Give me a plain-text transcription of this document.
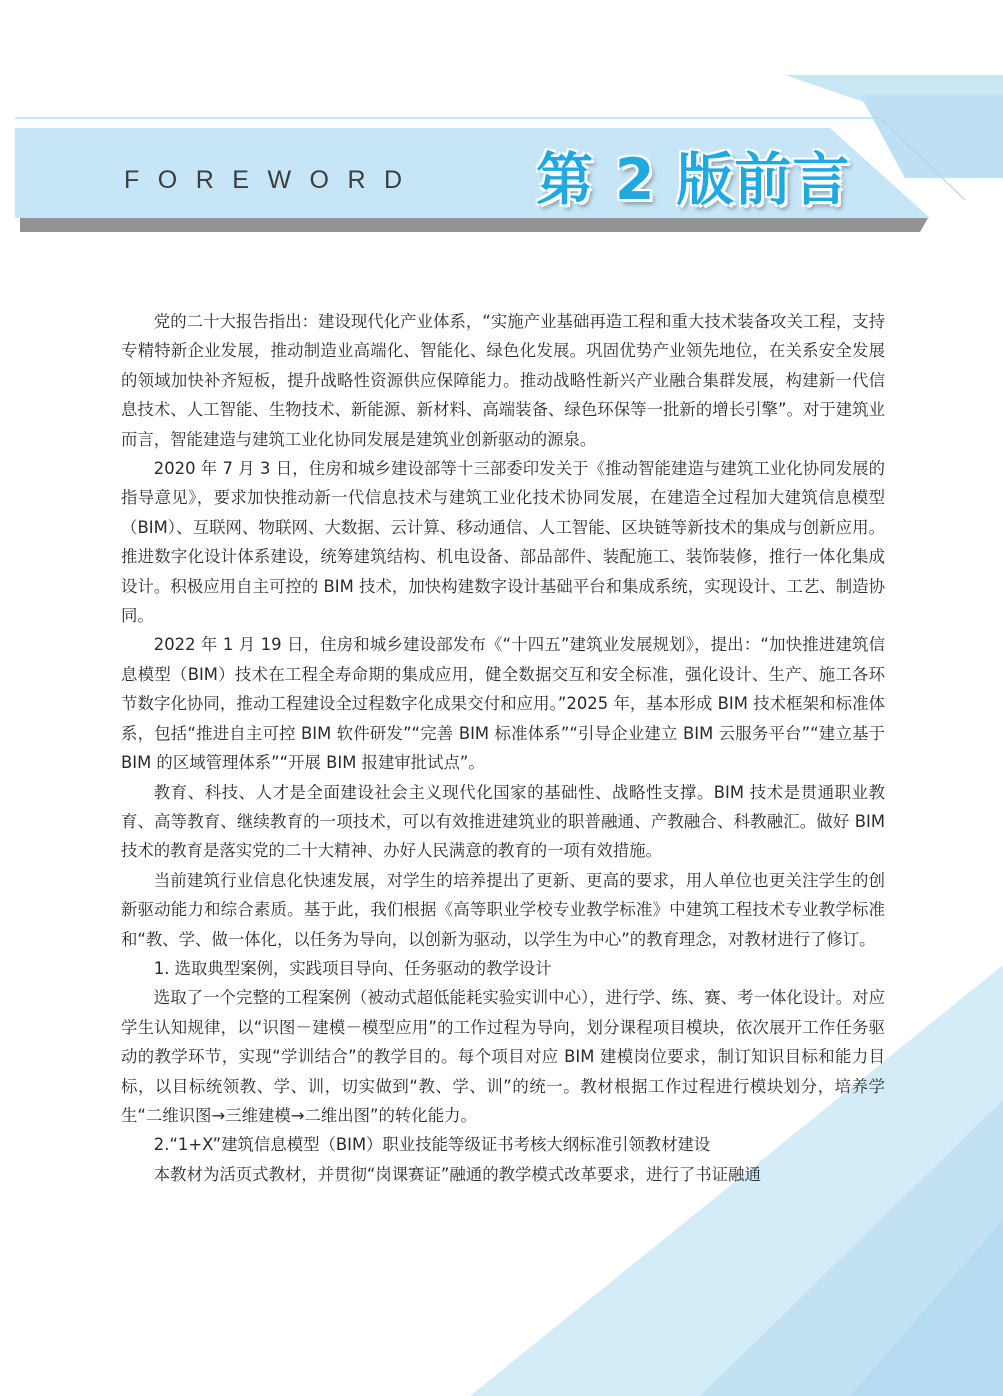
FOREWORD 第 2 版前言

党的二十大报告指出：建设现代化产业体系，“实施产业基础再造工程和重大技术装备攻关工程，支持专精特新企业发展，推动制造业高端化、智能化、绿色化发展。巩固优势产业领先地位，在关系安全发展的领域加快补齐短板，提升战略性资源供应保障能力。推动战略性新兴产业融合集群发展，构建新一代信息技术、人工智能、生物技术、新能源、新材料、高端装备、绿色环保等一批新的增长引擎”。对于建筑业而言，智能建造与建筑工业化协同发展是建筑业创新驱动的源泉。

2020 年 7 月 3 日，住房和城乡建设部等十三部委印发关于《推动智能建造与建筑工业化协同发展的指导意见》，要求加快推动新一代信息技术与建筑工业化技术协同发展，在建造全过程加大建筑信息模型（BIM）、互联网、物联网、大数据、云计算、移动通信、人工智能、区块链等新技术的集成与创新应用。推进数字化设计体系建设，统筹建筑结构、机电设备、部品部件、装配施工、装饰装修，推行一体化集成设计。积极应用自主可控的 BIM 技术，加快构建数字设计基础平台和集成系统，实现设计、工艺、制造协同。

2022 年 1 月 19 日，住房和城乡建设部发布《“十四五”建筑业发展规划》，提出：“加快推进建筑信息模型（BIM）技术在工程全寿命期的集成应用，健全数据交互和安全标准，强化设计、生产、施工各环节数字化协同，推动工程建设全过程数字化成果交付和应用。”2025 年，基本形成 BIM 技术框架和标准体系，包括“推进自主可控 BIM 软件研发”“完善 BIM 标准体系”“引导企业建立 BIM 云服务平台”“建立基于 BIM 的区域管理体系”“开展 BIM 报建审批试点”。

教育、科技、人才是全面建设社会主义现代化国家的基础性、战略性支撑。BIM 技术是贯通职业教育、高等教育、继续教育的一项技术，可以有效推进建筑业的职普融通、产教融合、科教融汇。做好 BIM 技术的教育是落实党的二十大精神、办好人民满意的教育的一项有效措施。

当前建筑行业信息化快速发展，对学生的培养提出了更新、更高的要求，用人单位也更关注学生的创新驱动能力和综合素质。基于此，我们根据《高等职业学校专业教学标准》中建筑工程技术专业教学标准和“教、学、做一体化，以任务为导向，以创新为驱动，以学生为中心”的教育理念，对教材进行了修订。

1. 选取典型案例，实践项目导向、任务驱动的教学设计

选取了一个完整的工程案例（被动式超低能耗实验实训中心），进行学、练、赛、考一体化设计。对应学生认知规律，以“识图－建模－模型应用”的工作过程为导向，划分课程项目模块，依次展开工作任务驱动的教学环节，实现“学训结合”的教学目的。每个项目对应 BIM 建模岗位要求，制订知识目标和能力目标，以目标统领教、学、训，切实做到“教、学、训”的统一。教材根据工作过程进行模块划分，培养学生“二维识图→三维建模→二维出图”的转化能力。

2.“1+X”建筑信息模型（BIM）职业技能等级证书考核大纲标准引领教材建设

本教材为活页式教材，并贯彻“岗课赛证”融通的教学模式改革要求，进行了书证融通
